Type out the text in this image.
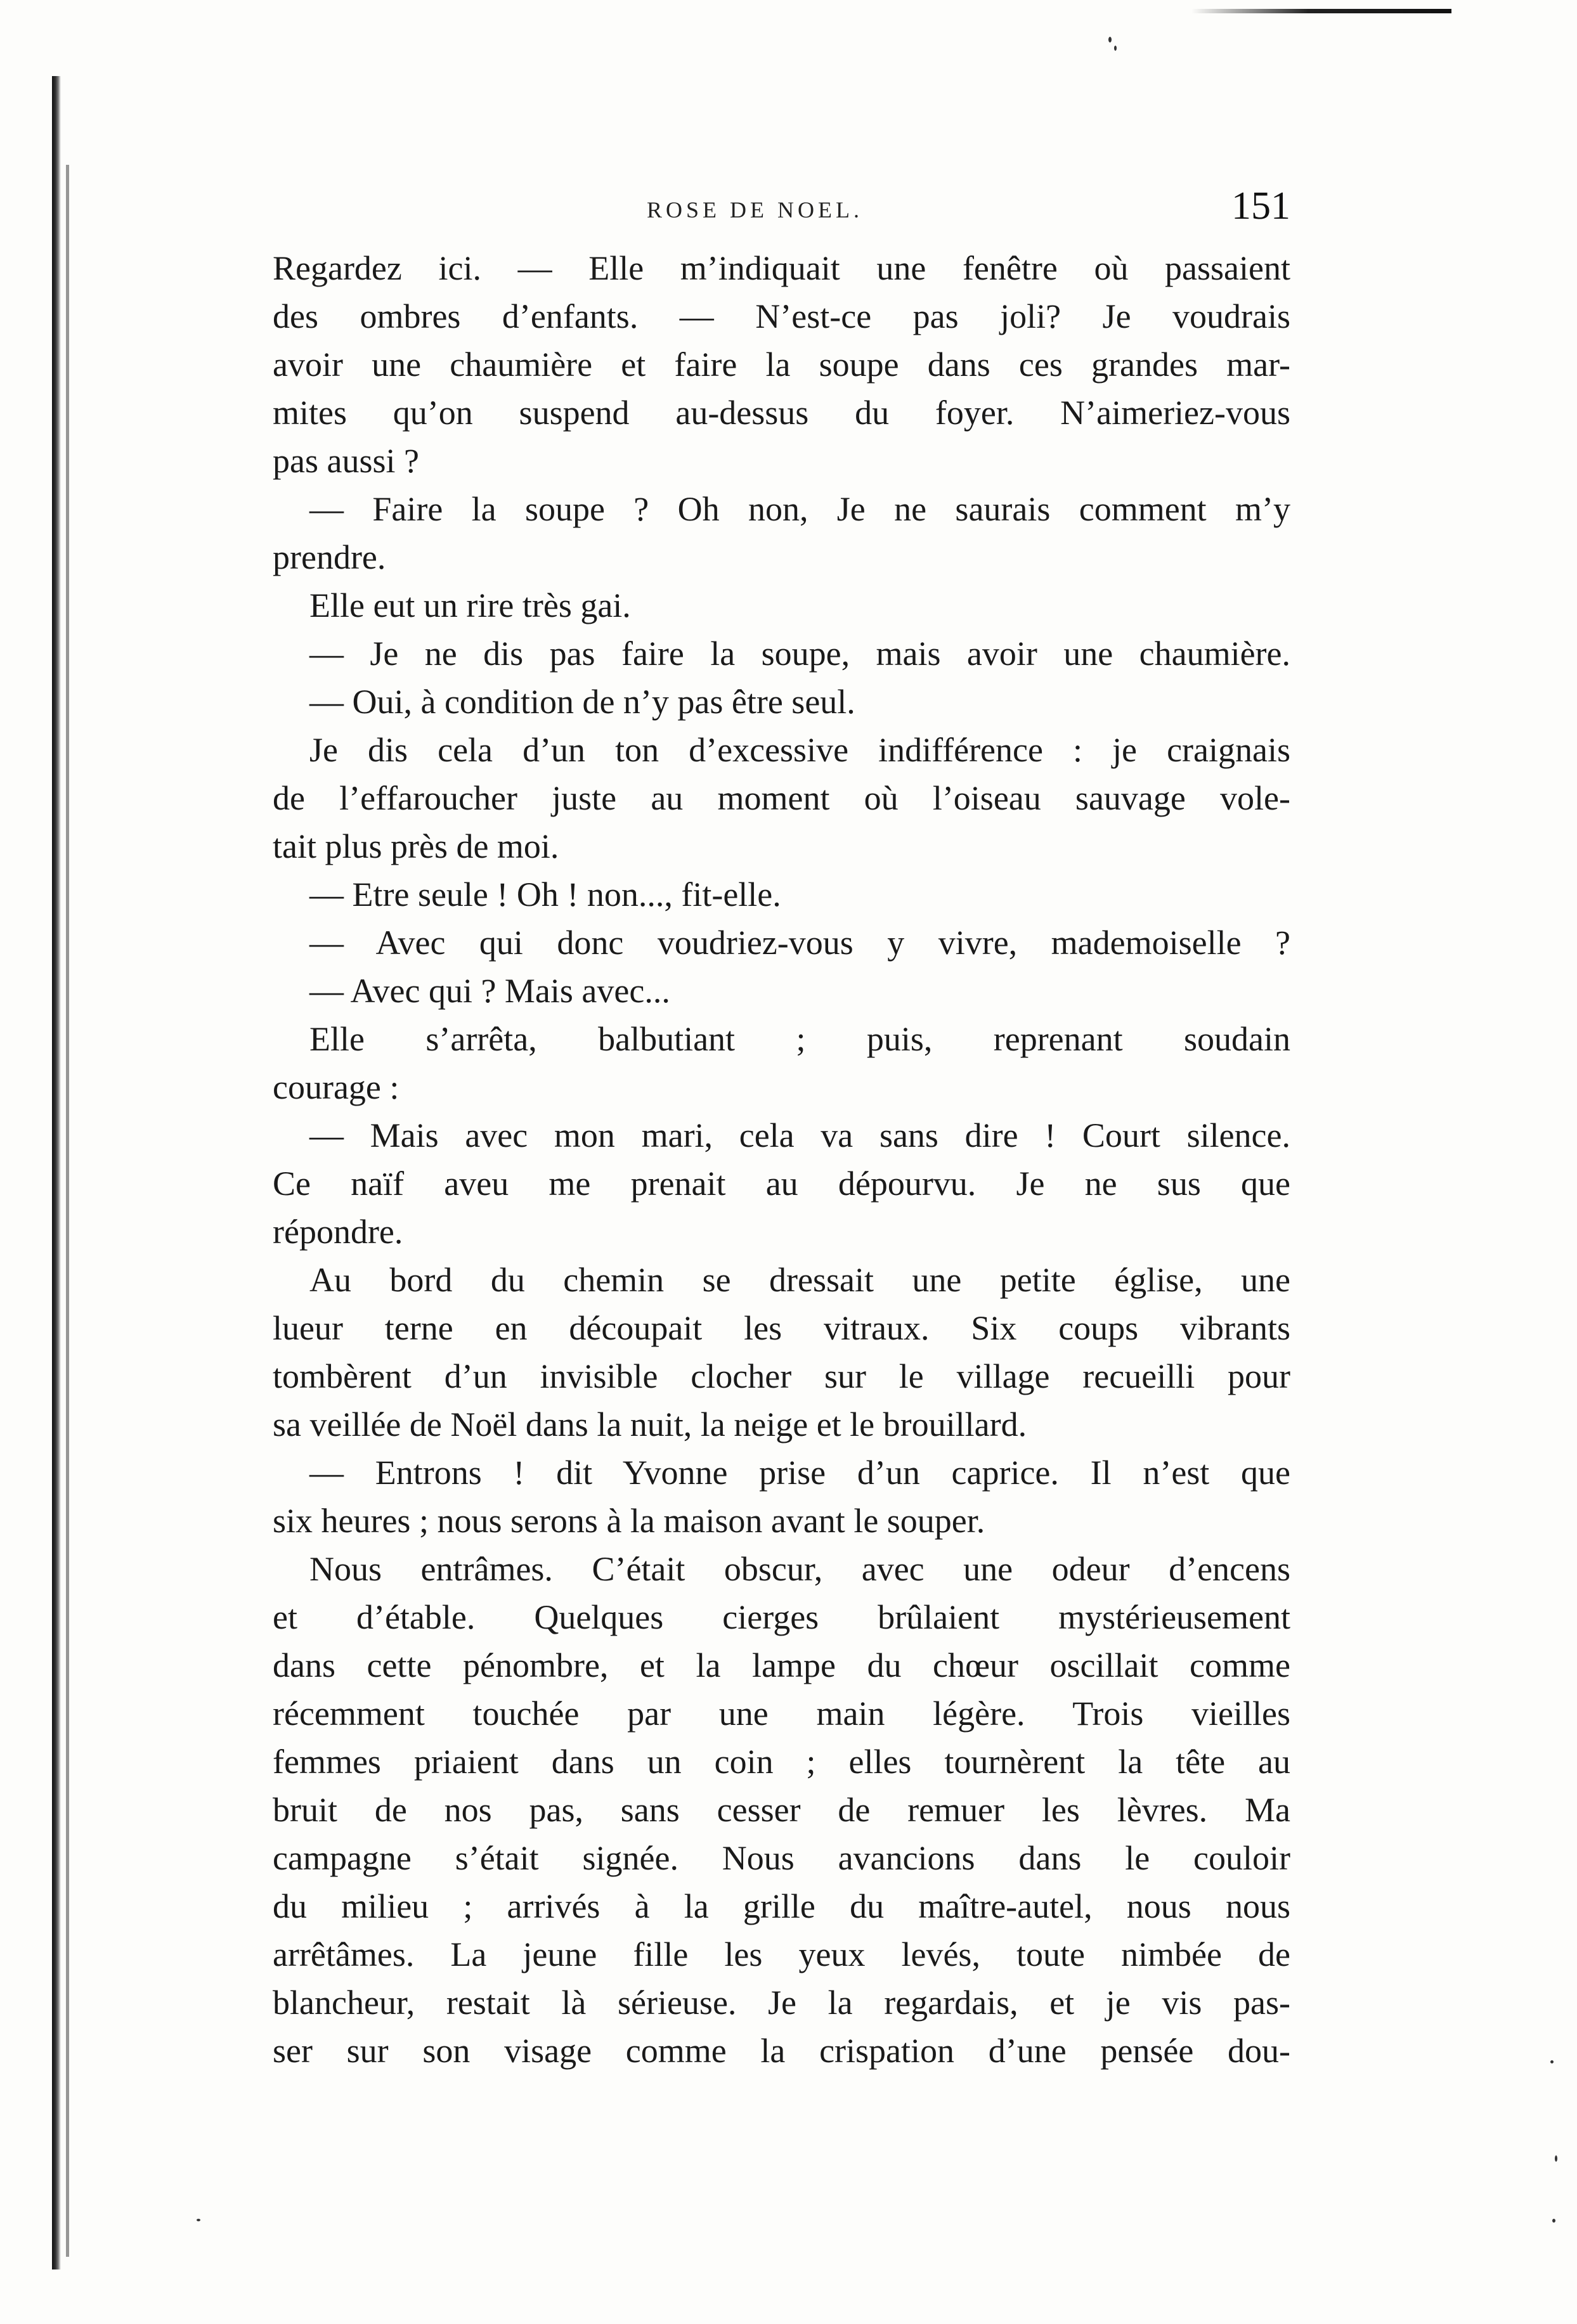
ROSE DE NOEL.	151
Regardez ici. — Elle m’indiquait une fenêtre où passaient
des ombres d’enfants. — N’est-ce pas joli? Je voudrais
avoir une chaumière et faire la soupe dans ces grandes mar-
mites qu’on suspend au-dessus du foyer. N’aimeriez-vous
pas aussi ?
— Faire la soupe ? Oh non, Je ne saurais comment m’y
prendre.
Elle eut un rire très gai.
— Je ne dis pas faire la soupe, mais avoir une chaumière.
— Oui, à condition de n’y pas être seul.
Je dis cela d’un ton d’excessive indifférence : je craignais
de l’effaroucher juste au moment où l’oiseau sauvage vole-
tait plus près de moi.
— Etre seule ! Oh ! non..., fit-elle.
— Avec qui donc voudriez-vous y vivre, mademoiselle ?
— Avec qui ? Mais avec...
Elle s’arrêta, balbutiant ; puis, reprenant soudain
courage :
— Mais avec mon mari, cela va sans dire ! Court silence.
Ce naïf aveu me prenait au dépourvu. Je ne sus que
répondre.
Au bord du chemin se dressait une petite église, une
lueur terne en découpait les vitraux. Six coups vibrants
tombèrent d’un invisible clocher sur le village recueilli pour
sa veillée de Noël dans la nuit, la neige et le brouillard.
— Entrons ! dit Yvonne prise d’un caprice. Il n’est que
six heures ; nous serons à la maison avant le souper.
Nous entrâmes. C’était obscur, avec une odeur d’encens
et d’étable. Quelques cierges brûlaient mystérieusement
dans cette pénombre, et la lampe du chœur oscillait comme
récemment touchée par une main légère. Trois vieilles
femmes priaient dans un coin ; elles tournèrent la tête au
bruit de nos pas, sans cesser de remuer les lèvres. Ma
campagne s’était signée. Nous avancions dans le couloir
du milieu ; arrivés à la grille du maître-autel, nous nous
arrêtâmes. La jeune fille les yeux levés, toute nimbée de
blancheur, restait là sérieuse. Je la regardais, et je vis pas-
ser sur son visage comme la crispation d’une pensée dou-
